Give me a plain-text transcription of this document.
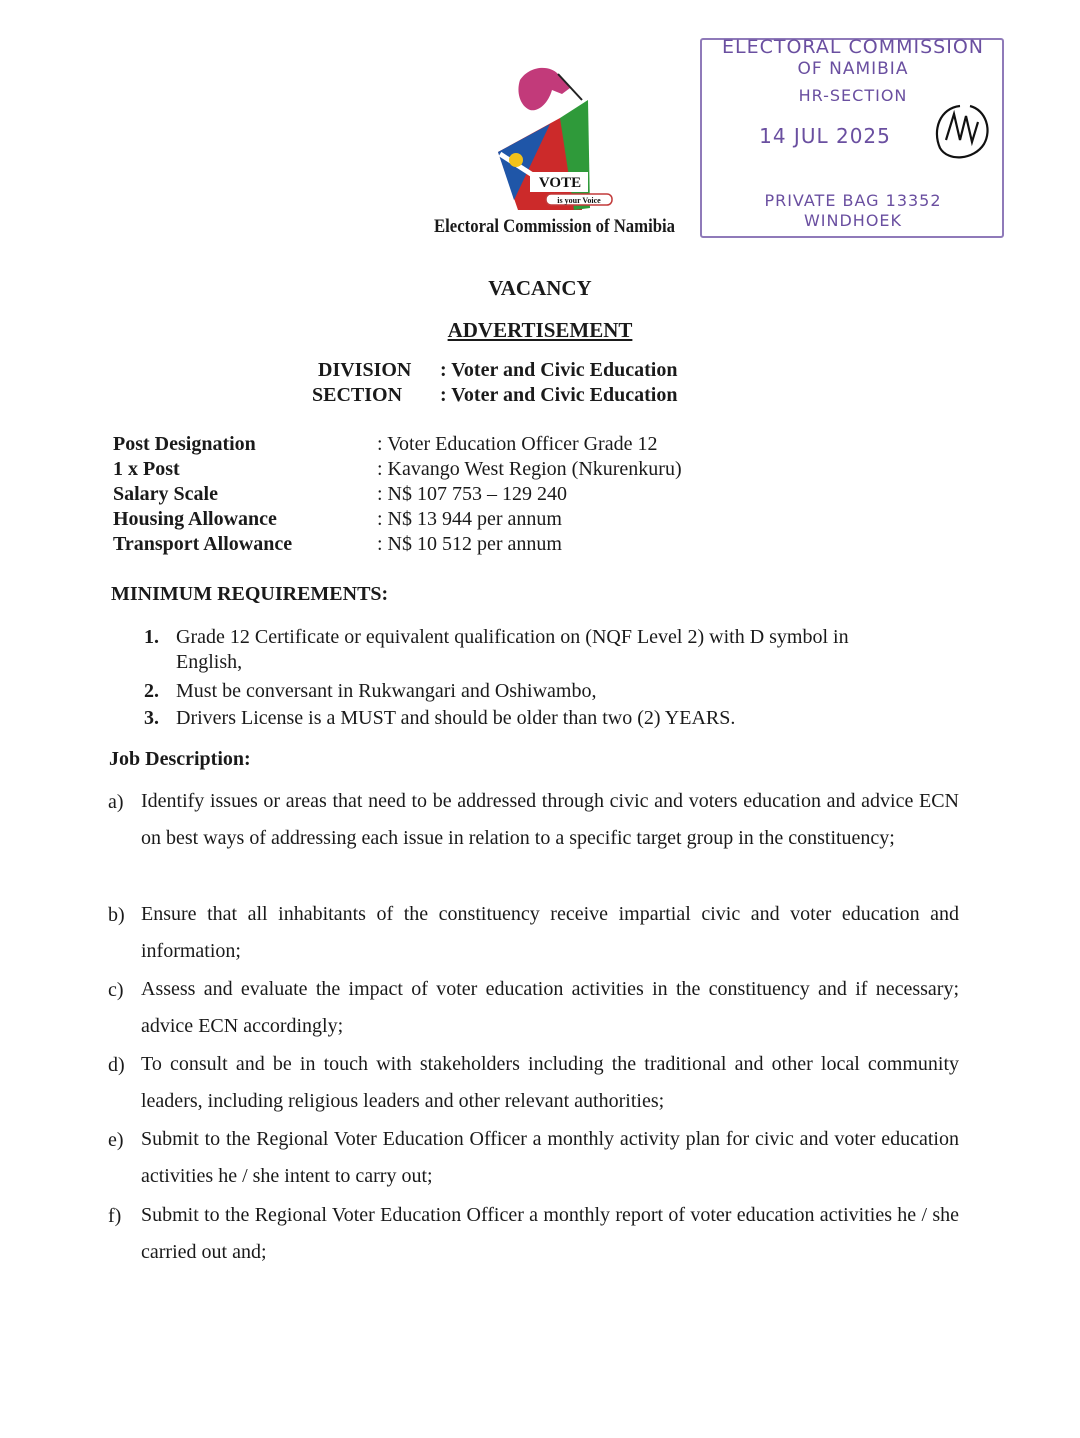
VOTE
is your Voice
Electoral Commission of Namibia
ELECTORAL COMMISSION
OF NAMIBIA
HR-SECTION
14 JUL 2025
PRIVATE BAG 13352
WINDHOEK
VACANCY
ADVERTISEMENT
DIVISION : Voter and Civic Education
SECTION : Voter and Civic Education
Post Designation	: Voter Education Officer Grade 12
1 x Post	: Kavango West Region (Nkurenkuru)
Salary Scale	: N$ 107 753 – 129 240
Housing Allowance	: N$ 13 944 per annum
Transport Allowance	: N$ 10 512 per annum
MINIMUM REQUIREMENTS:
1. Grade 12 Certificate or equivalent qualification on (NQF Level 2) with D symbol in
English,
2. Must be conversant in Rukwangari and Oshiwambo,
3. Drivers License is a MUST and should be older than two (2) YEARS.
Job Description:
a) Identify issues or areas that need to be addressed through civic and voters education and advice ECN on best ways of addressing each issue in relation to a specific target group in the constituency;
b) Ensure that all inhabitants of the constituency receive impartial civic and voter education and information;
c) Assess and evaluate the impact of voter education activities in the constituency and if necessary; advice ECN accordingly;
d) To consult and be in touch with stakeholders including the traditional and other local community leaders, including religious leaders and other relevant authorities;
e) Submit to the Regional Voter Education Officer a monthly activity plan for civic and voter education activities he / she intent to carry out;
f) Submit to the Regional Voter Education Officer a monthly report of voter education activities he / she carried out and;
